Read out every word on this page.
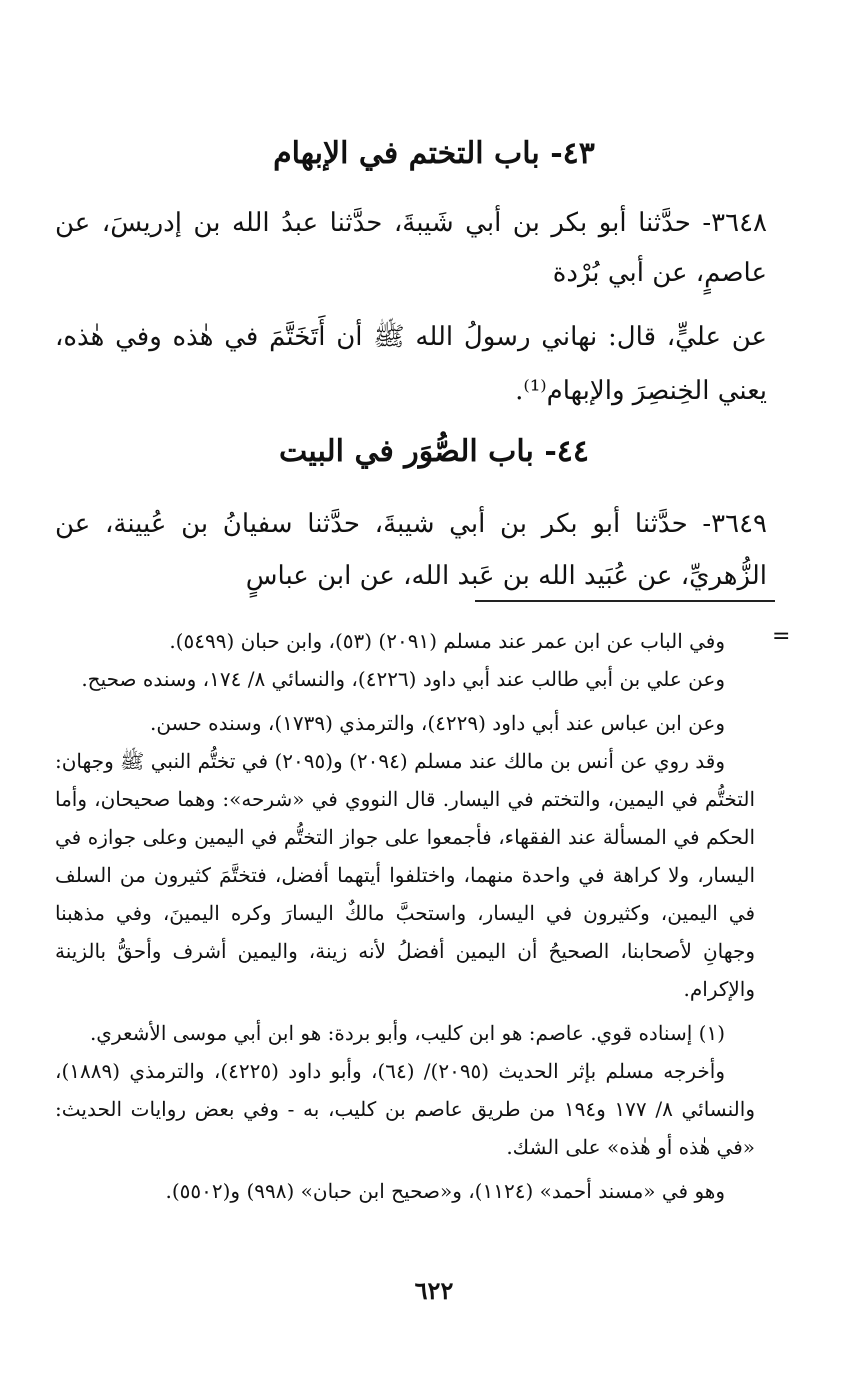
٤٣- باب التختم في الإبهام
٣٦٤٨- حدَّثنا أبو بكر بن أبي شَيبةَ، حدَّثنا عبدُ الله بن إدريسَ، عن عاصمٍ، عن أبي بُرْدة
عن عليٍّ، قال: نهاني رسولُ الله ﷺ أن أَتَخَتَّمَ في هٰذه وفي هٰذه، يعني الخِنصِرَ والإبهام⁽¹⁾.
٤٤- باب الصُّوَر في البيت
٣٦٤٩- حدَّثنا أبو بكر بن أبي شيبةَ، حدَّثنا سفيانُ بن عُيينة، عن الزُّهريِّ، عن عُبَيد الله بن عَبد الله، عن ابن عباسٍ
=

وفي الباب عن ابن عمر عند مسلم (٢٠٩١) (٥٣)، وابن حبان (٥٤٩٩).

وعن علي بن أبي طالب عند أبي داود (٤٢٢٦)، والنسائي ٨/ ١٧٤، وسنده صحيح.

وعن ابن عباس عند أبي داود (٤٢٢٩)، والترمذي (١٧٣٩)، وسنده حسن.

وقد روي عن أنس بن مالك عند مسلم (٢٠٩٤) و(٢٠٩٥) في تختُّم النبي ﷺ وجهان: التختُّم في اليمين، والتختم في اليسار. قال النووي في «شرحه»: وهما صحيحان، وأما الحكم في المسألة عند الفقهاء، فأجمعوا على جواز التختُّم في اليمين وعلى جوازه في اليسار، ولا كراهة في واحدة منهما، واختلفوا أيتهما أفضل، فتختَّمَ كثيرون من السلف في اليمين، وكثيرون في اليسار، واستحبَّ مالكٌ اليسارَ وكره اليمينَ، وفي مذهبنا وجهانِ لأصحابنا، الصحيحُ أن اليمين أفضلُ لأنه زينة، واليمين أشرف وأحقُّ بالزينة والإكرام.

(١) إسناده قوي. عاصم: هو ابن كليب، وأبو بردة: هو ابن أبي موسى الأشعري.

وأخرجه مسلم بإثر الحديث (٢٠٩٥)/ (٦٤)، وأبو داود (٤٢٢٥)، والترمذي (١٨٨٩)، والنسائي ٨/ ١٧٧ و١٩٤ من طريق عاصم بن كليب، به - وفي بعض روايات الحديث: «في هٰذه أو هٰذه» على الشك.

وهو في «مسند أحمد» (١١٢٤)، و«صحيح ابن حبان» (٩٩٨) و(٥٥٠٢).

٦٢٢
